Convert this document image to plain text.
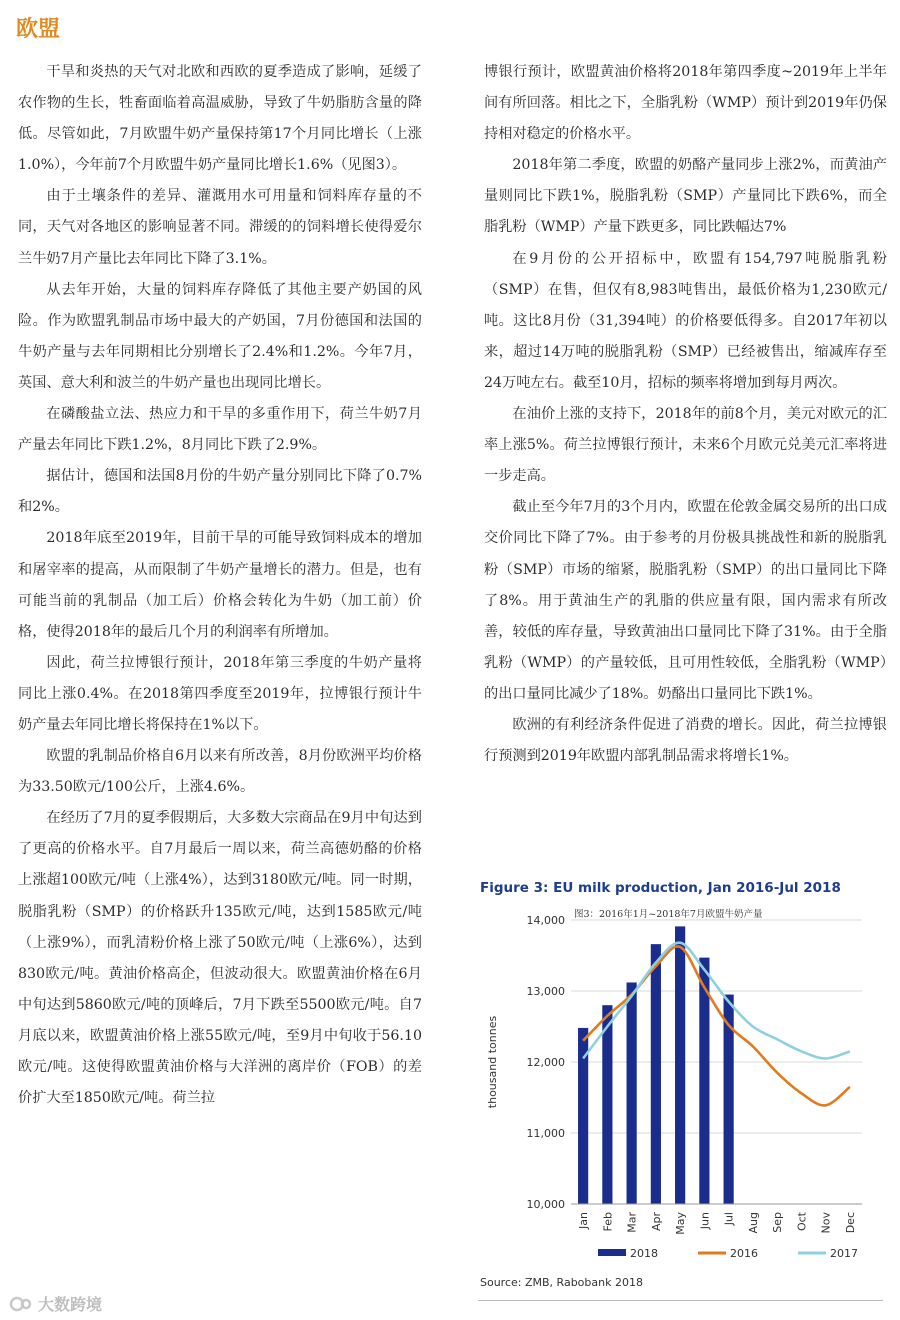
欧盟

干旱和炎热的天气对北欧和西欧的夏季造成了影响，延缓了农作物的生长，牲畜面临着高温威胁，导致了牛奶脂肪含量的降低。尽管如此，7月欧盟牛奶产量保持第17个月同比增长（上涨1.0%），今年前7个月欧盟牛奶产量同比增长1.6%（见图3）。

由于土壤条件的差异、灌溉用水可用量和饲料库存量的不同，天气对各地区的影响显著不同。滞缓的的饲料增长使得爱尔兰牛奶7月产量比去年同比下降了3.1%。

从去年开始，大量的饲料库存降低了其他主要产奶国的风险。作为欧盟乳制品市场中最大的产奶国，7月份德国和法国的牛奶产量与去年同期相比分别增长了2.4%和1.2%。今年7月，英国、意大利和波兰的牛奶产量也出现同比增长。

在磷酸盐立法、热应力和干旱的多重作用下，荷兰牛奶7月产量去年同比下跌1.2%，8月同比下跌了2.9%。

据估计，德国和法国8月份的牛奶产量分别同比下降了0.7%和2%。

2018年底至2019年，目前干旱的可能导致饲料成本的增加和屠宰率的提高，从而限制了牛奶产量增长的潜力。但是，也有可能当前的乳制品（加工后）价格会转化为牛奶（加工前）价格，使得2018年的最后几个月的利润率有所增加。

因此，荷兰拉博银行预计，2018年第三季度的牛奶产量将同比上涨0.4%。在2018第四季度至2019年，拉博银行预计牛奶产量去年同比增长将保持在1%以下。

欧盟的乳制品价格自6月以来有所改善，8月份欧洲平均价格为33.50欧元/100公斤，上涨4.6%。

在经历了7月的夏季假期后，大多数大宗商品在9月中旬达到了更高的价格水平。自7月最后一周以来，荷兰高德奶酪的价格上涨超100欧元/吨（上涨4%），达到3180欧元/吨。同一时期，脱脂乳粉（SMP）的价格跃升135欧元/吨，达到1585欧元/吨（上涨9%），而乳清粉价格上涨了50欧元/吨（上涨6%），达到830欧元/吨。黄油价格高企，但波动很大。欧盟黄油价格在6月中旬达到5860欧元/吨的顶峰后，7月下跌至5500欧元/吨。自7月底以来，欧盟黄油价格上涨55欧元/吨，至9月中旬收于56.10欧元/吨。这使得欧盟黄油价格与大洋洲的离岸价（FOB）的差价扩大至1850欧元/吨。荷兰拉

博银行预计，欧盟黄油价格将2018年第四季度~2019年上半年间有所回落。相比之下，全脂乳粉（WMP）预计到2019年仍保持相对稳定的价格水平。

2018年第二季度，欧盟的奶酪产量同步上涨2%，而黄油产量则同比下跌1%，脱脂乳粉（SMP）产量同比下跌6%，而全脂乳粉（WMP）产量下跌更多，同比跌幅达7%

在9月份的公开招标中，欧盟有154,797吨脱脂乳粉（SMP）在售，但仅有8,983吨售出，最低价格为1,230欧元/吨。这比8月份（31,394吨）的价格要低得多。自2017年初以来，超过14万吨的脱脂乳粉（SMP）已经被售出，缩减库存至24万吨左右。截至10月，招标的频率将增加到每月两次。

在油价上涨的支持下，2018年的前8个月，美元对欧元的汇率上涨5%。荷兰拉博银行预计，未来6个月欧元兑美元汇率将进一步走高。

截止至今年7月的3个月内，欧盟在伦敦金属交易所的出口成交价同比下降了7%。由于参考的月份极具挑战性和新的脱脂乳粉（SMP）市场的缩紧，脱脂乳粉（SMP）的出口量同比下降了8%。用于黄油生产的乳脂的供应量有限，国内需求有所改善，较低的库存量，导致黄油出口量同比下降了31%。由于全脂乳粉（WMP）的产量较低，且可用性较低，全脂乳粉（WMP）的出口量同比减少了18%。奶酪出口量同比下跌1%。

欧洲的有利经济条件促进了消费的增长。因此，荷兰拉博银行预测到2019年欧盟内部乳制品需求将增长1%。

10,000
11,000
12,000
13,000
14,000
thousand tonnes
Jan Feb Mar Apr May Jun Jul Aug Sep Oct Nov Dec
2018	2016	2017
Figure 3: EU milk production, Jan 2016-Jul 2018
图3：2016年1月~2018年7月欧盟牛奶产量
Source: ZMB, Rabobank 2018
大数跨境
